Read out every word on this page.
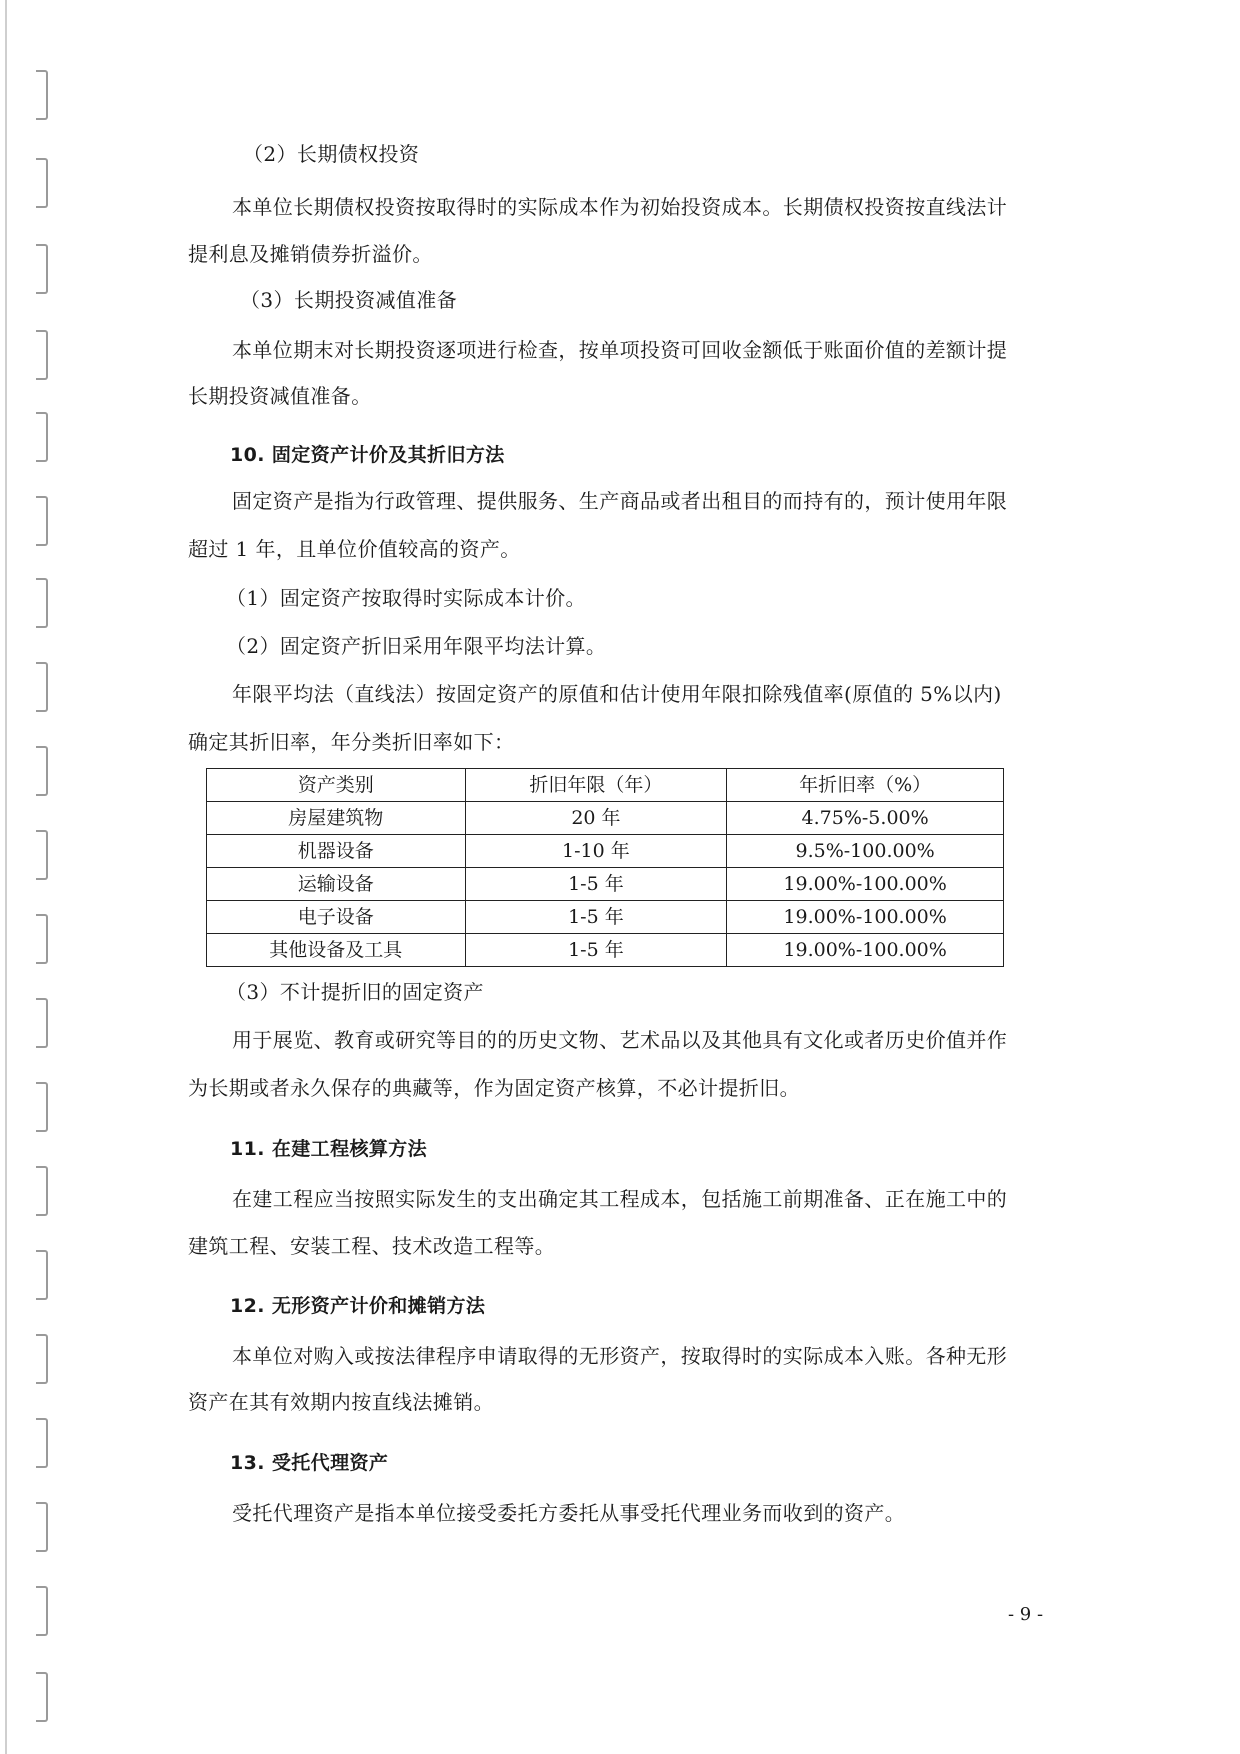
（2）长期债权投资
本单位长期债权投资按取得时的实际成本作为初始投资成本。长期债权投资按直线法计
提利息及摊销债券折溢价。
（3）长期投资减值准备
本单位期末对长期投资逐项进行检查，按单项投资可回收金额低于账面价值的差额计提
长期投资减值准备。
10. 固定资产计价及其折旧方法
固定资产是指为行政管理、提供服务、生产商品或者出租目的而持有的，预计使用年限
超过 1 年，且单位价值较高的资产。
（1）固定资产按取得时实际成本计价。
（2）固定资产折旧采用年限平均法计算。
年限平均法（直线法）按固定资产的原值和估计使用年限扣除残值率(原值的 5%以内)
确定其折旧率，年分类折旧率如下：
资产类别	折旧年限（年）	年折旧率（%）
房屋建筑物	20 年	4.75%-5.00%
机器设备	1-10 年	9.5%-100.00%
运输设备	1-5 年	19.00%-100.00%
电子设备	1-5 年	19.00%-100.00%
其他设备及工具	1-5 年	19.00%-100.00%
（3）不计提折旧的固定资产
用于展览、教育或研究等目的的历史文物、艺术品以及其他具有文化或者历史价值并作
为长期或者永久保存的典藏等，作为固定资产核算，不必计提折旧。
11. 在建工程核算方法
在建工程应当按照实际发生的支出确定其工程成本，包括施工前期准备、正在施工中的
建筑工程、安装工程、技术改造工程等。
12. 无形资产计价和摊销方法
本单位对购入或按法律程序申请取得的无形资产，按取得时的实际成本入账。各种无形
资产在其有效期内按直线法摊销。
13. 受托代理资产
受托代理资产是指本单位接受委托方委托从事受托代理业务而收到的资产。
- 9 -
